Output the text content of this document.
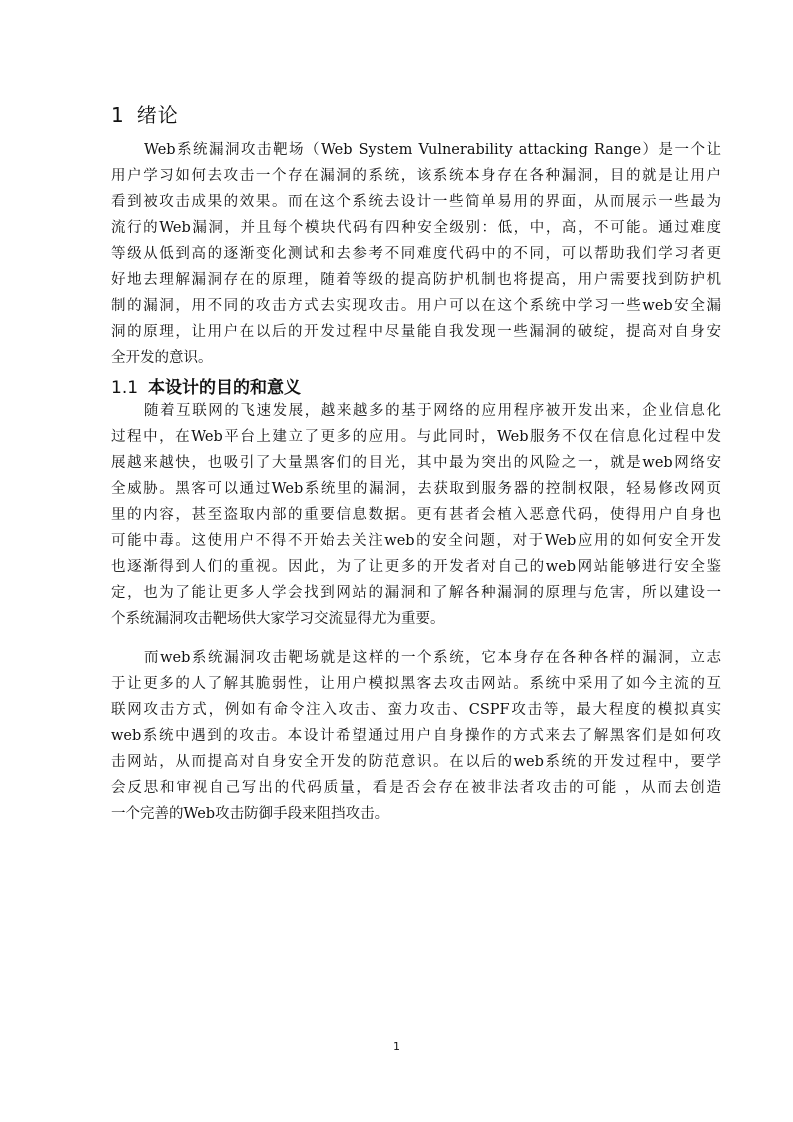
1 绪论
Web系统漏洞攻击靶场（Web System Vulnerability attacking Range）是一个让
用户学习如何去攻击一个存在漏洞的系统，该系统本身存在各种漏洞，目的就是让用户
看到被攻击成果的效果。而在这个系统去设计一些简单易用的界面，从而展示一些最为
流行的Web漏洞，并且每个模块代码有四种安全级别：低，中，高，不可能。通过难度
等级从低到高的逐渐变化测试和去参考不同难度代码中的不同，可以帮助我们学习者更
好地去理解漏洞存在的原理，随着等级的提高防护机制也将提高，用户需要找到防护机
制的漏洞，用不同的攻击方式去实现攻击。用户可以在这个系统中学习一些web安全漏
洞的原理，让用户在以后的开发过程中尽量能自我发现一些漏洞的破绽，提高对自身安
全开发的意识。
1.1 本设计的目的和意义
随着互联网的飞速发展，越来越多的基于网络的应用程序被开发出来，企业信息化
过程中，在Web平台上建立了更多的应用。与此同时，Web服务不仅在信息化过程中发
展越来越快，也吸引了大量黑客们的目光，其中最为突出的风险之一，就是web网络安
全威胁。黑客可以通过Web系统里的漏洞，去获取到服务器的控制权限，轻易修改网页
里的内容，甚至盗取内部的重要信息数据。更有甚者会植入恶意代码，使得用户自身也
可能中毒。这使用户不得不开始去关注web的安全问题，对于Web应用的如何安全开发
也逐渐得到人们的重视。因此，为了让更多的开发者对自己的web网站能够进行安全鉴
定，也为了能让更多人学会找到网站的漏洞和了解各种漏洞的原理与危害，所以建设一
个系统漏洞攻击靶场供大家学习交流显得尤为重要。
而web系统漏洞攻击靶场就是这样的一个系统，它本身存在各种各样的漏洞，立志
于让更多的人了解其脆弱性，让用户模拟黑客去攻击网站。系统中采用了如今主流的互
联网攻击方式，例如有命令注入攻击、蛮力攻击、CSPF攻击等，最大程度的模拟真实
web系统中遇到的攻击。本设计希望通过用户自身操作的方式来去了解黑客们是如何攻
击网站，从而提高对自身安全开发的防范意识。在以后的web系统的开发过程中，要学
会反思和审视自己写出的代码质量，看是否会存在被非法者攻击的可能 ，从而去创造
一个完善的Web攻击防御手段来阻挡攻击。
1
